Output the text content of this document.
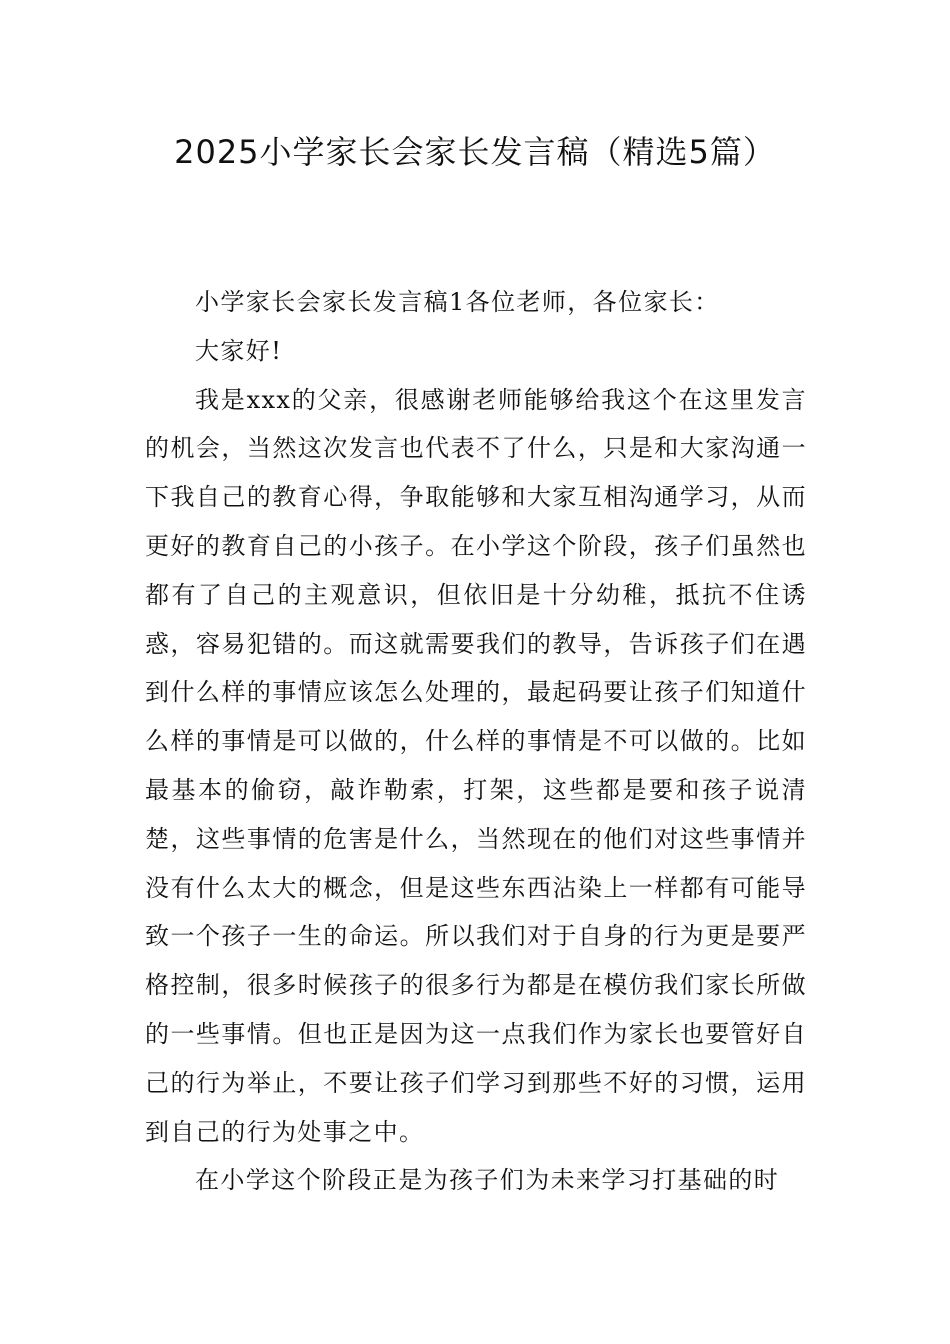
2025小学家长会家长发言稿（精选5篇）

小学家长会家长发言稿1各位老师，各位家长：

大家好!

我是xxx的父亲，很感谢老师能够给我这个在这里发言的机会，当然这次发言也代表不了什么，只是和大家沟通一下我自己的教育心得，争取能够和大家互相沟通学习，从而更好的教育自己的小孩子。在小学这个阶段，孩子们虽然也都有了自己的主观意识，但依旧是十分幼稚，抵抗不住诱惑，容易犯错的。而这就需要我们的教导，告诉孩子们在遇到什么样的事情应该怎么处理的，最起码要让孩子们知道什么样的事情是可以做的，什么样的事情是不可以做的。比如最基本的偷窃，敲诈勒索，打架，这些都是要和孩子说清楚，这些事情的危害是什么，当然现在的他们对这些事情并没有什么太大的概念，但是这些东西沾染上一样都有可能导致一个孩子一生的命运。所以我们对于自身的行为更是要严格控制，很多时候孩子的很多行为都是在模仿我们家长所做的一些事情。但也正是因为这一点我们作为家长也要管好自己的行为举止，不要让孩子们学习到那些不好的习惯，运用到自己的行为处事之中。

在小学这个阶段正是为孩子们为未来学习打基础的时
